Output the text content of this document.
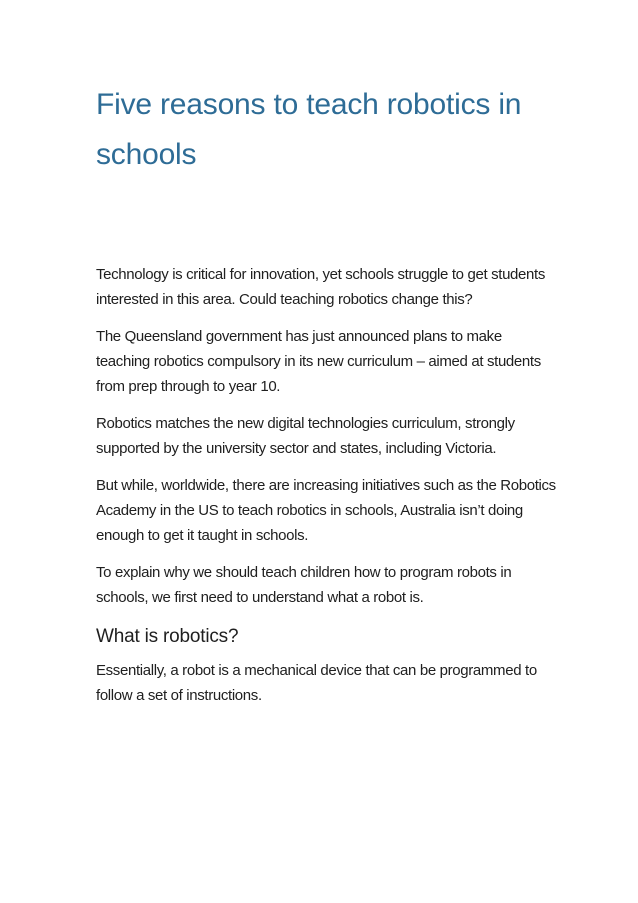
Five reasons to teach robotics in schools

Technology is critical for innovation, yet schools struggle to get students interested in this area. Could teaching robotics change this?

The Queensland government has just announced plans to make teaching robotics compulsory in its new curriculum – aimed at students from prep through to year 10.

Robotics matches the new digital technologies curriculum, strongly supported by the university sector and states, including Victoria.

But while, worldwide, there are increasing initiatives such as the Robotics Academy in the US to teach robotics in schools, Australia isn’t doing enough to get it taught in schools.

To explain why we should teach children how to program robots in schools, we first need to understand what a robot is.

What is robotics?

Essentially, a robot is a mechanical device that can be programmed to follow a set of instructions.
